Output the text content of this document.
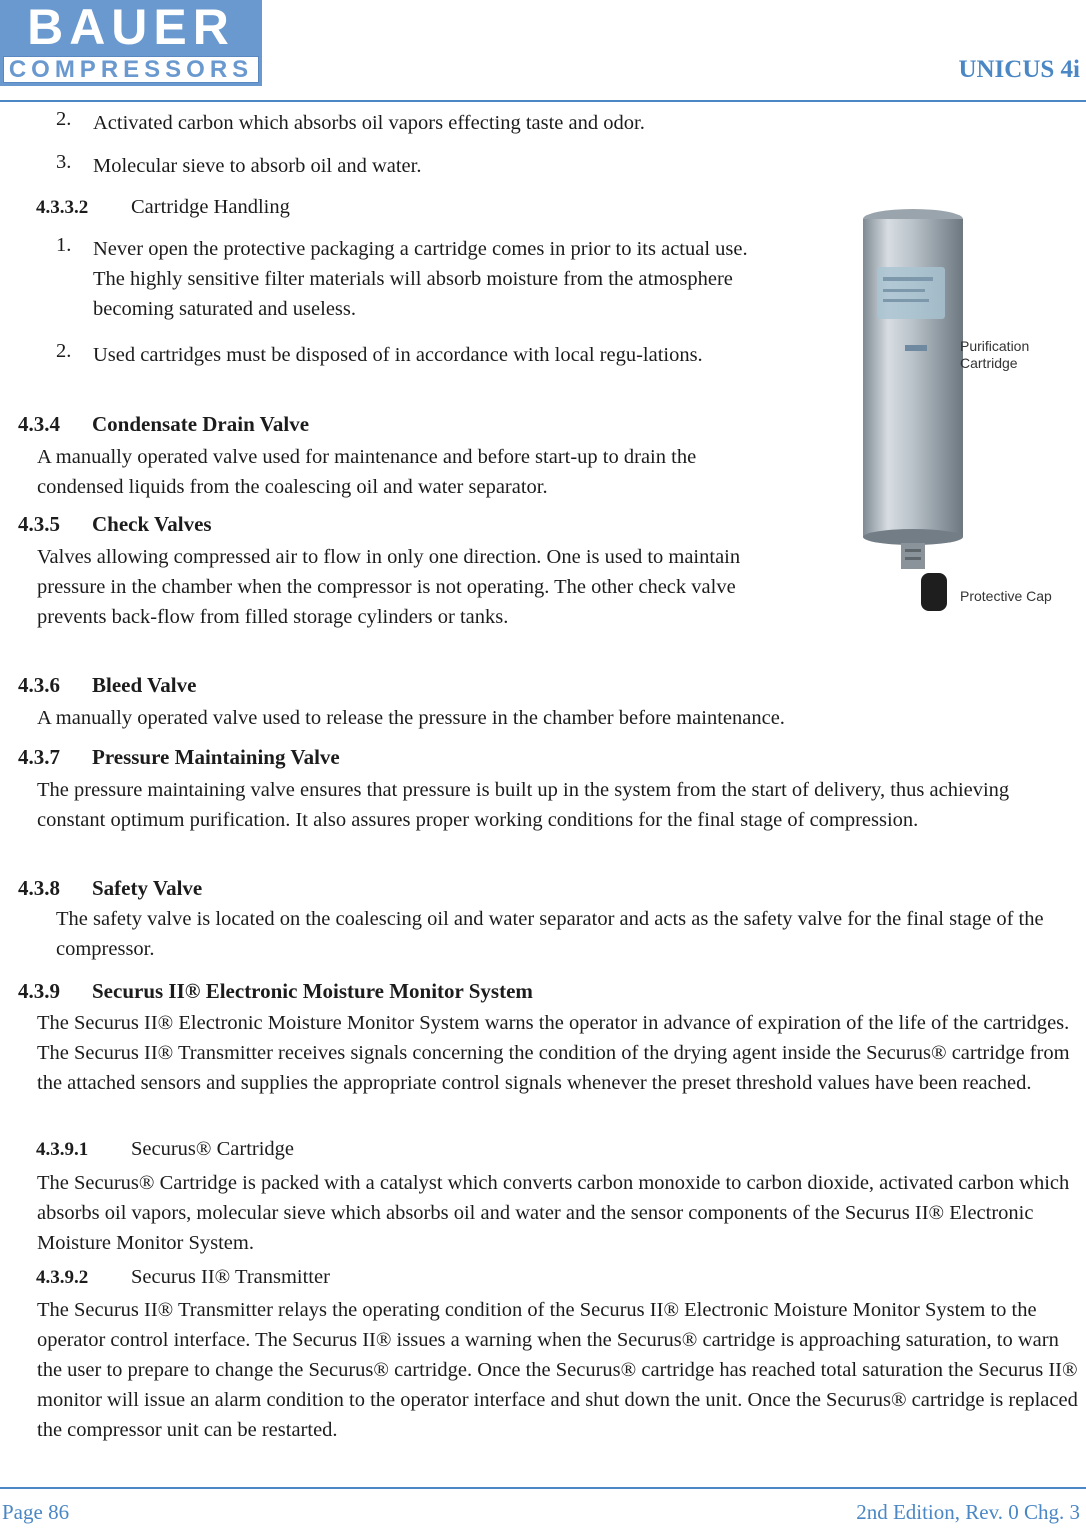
BAUER
COMPRESSORS	UNICUS 4i
2. Activated carbon which absorbs oil vapors effecting taste and odor.
3. Molecular sieve to absorb oil and water.
4.3.3.2 Cartridge Handling
1. Never open the protective packaging a cartridge comes in prior to its actual use. The highly sensitive filter materials will absorb moisture from the atmosphere becoming saturated and useless.

2. Used cartridges must be disposed of in accordance with local regu-lations.

4.3.4 Condensate Drain Valve

A manually operated valve used for maintenance and before start-up to drain the condensed liquids from the coalescing oil and water separator.

4.3.5 Check Valves

Valves allowing compressed air to flow in only one direction. One is used to maintain pressure in the chamber when the compressor is not operating. The other check valve prevents back-flow from filled storage cylinders or tanks.

Purification
Cartridge
Protective Cap
4.3.6 Bleed Valve

A manually operated valve used to release the pressure in the chamber before maintenance.

4.3.7 Pressure Maintaining Valve

The pressure maintaining valve ensures that pressure is built up in the system from the start of delivery, thus achieving constant optimum purification. It also assures proper working conditions for the final stage of compression.

4.3.8 Safety Valve

The safety valve is located on the coalescing oil and water separator and acts as the safety valve for the final stage of the compressor.

4.3.9 Securus II® Electronic Moisture Monitor System

The Securus II® Electronic Moisture Monitor System warns the operator in advance of expiration of the life of the cartridges. The Securus II® Transmitter receives signals concerning the condition of the drying agent inside the Securus® cartridge from the attached sensors and supplies the appropriate control signals whenever the preset threshold values have been reached.

4.3.9.1 Securus® Cartridge

The Securus® Cartridge is packed with a catalyst which converts carbon monoxide to carbon dioxide, activated carbon which absorbs oil vapors, molecular sieve which absorbs oil and water and the sensor components of the Securus II® Electronic Moisture Monitor System.

4.3.9.2 Securus II® Transmitter

The Securus II® Transmitter relays the operating condition of the Securus II® Electronic Moisture Monitor System to the operator control interface. The Securus II® issues a warning when the Securus® cartridge is approaching saturation, to warn the user to prepare to change the Securus® cartridge. Once the Securus® cartridge has reached total saturation the Securus II® monitor will issue an alarm condition to the operator interface and shut down the unit. Once the Securus® cartridge is replaced the compressor unit can be restarted.

Page 86	2nd Edition, Rev. 0 Chg. 3
